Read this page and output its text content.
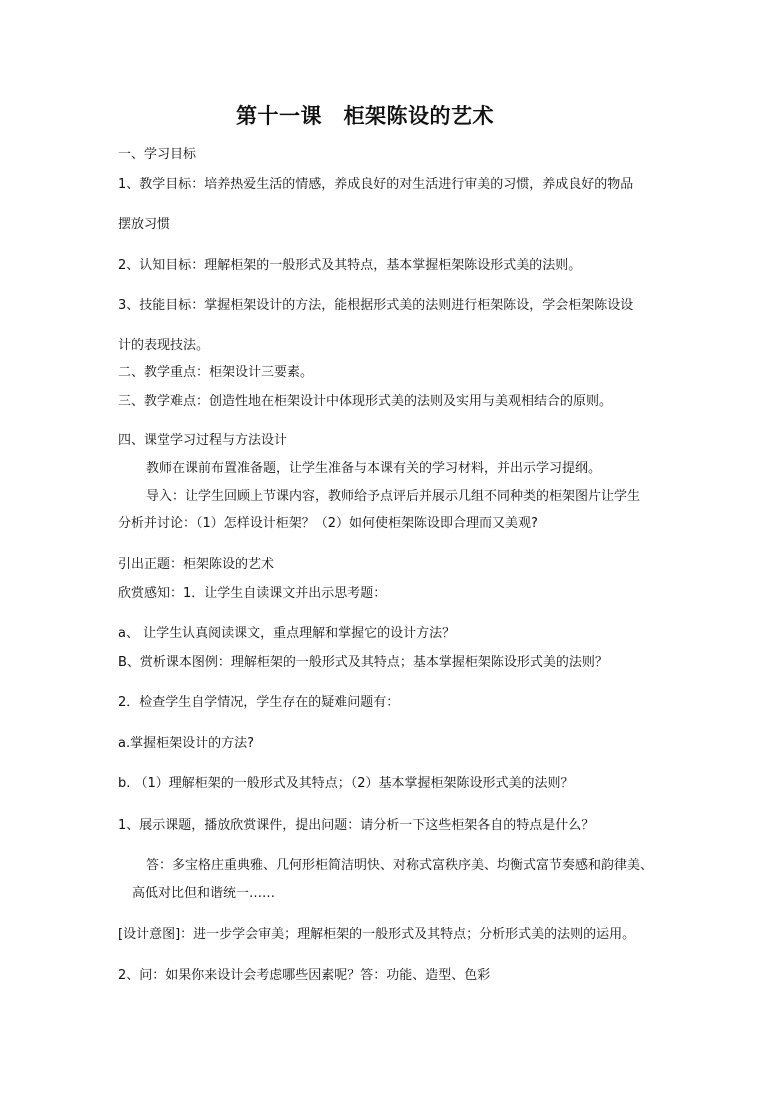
第十一课　柜架陈设的艺术
一、学习目标
1、教学目标：培养热爱生活的情感，养成良好的对生活进行审美的习惯，养成良好的物品
摆放习惯
2、认知目标：理解柜架的一般形式及其特点，基本掌握柜架陈设形式美的法则。
3、技能目标：掌握柜架设计的方法，能根据形式美的法则进行柜架陈设，学会柜架陈设设
计的表现技法。
二、教学重点：柜架设计三要素。
三、教学难点：创造性地在柜架设计中体现形式美的法则及实用与美观相结合的原则。
四、课堂学习过程与方法设计
教师在课前布置准备题，让学生准备与本课有关的学习材料，并出示学习提纲。
导入：让学生回顾上节课内容，教师给予点评后并展示几组不同种类的柜架图片让学生
分析并讨论：（1）怎样设计柜架？（2）如何使柜架陈设即合理而又美观?
引出正题：柜架陈设的艺术
欣赏感知：1．让学生自读课文并出示思考题：
a、 让学生认真阅读课文，重点理解和掌握它的设计方法？
B、赏析课本图例：理解柜架的一般形式及其特点；基本掌握柜架陈设形式美的法则？
2．检查学生自学情况，学生存在的疑难问题有：
a.掌握柜架设计的方法?
b. （1）理解柜架的一般形式及其特点；（2）基本掌握柜架陈设形式美的法则？
1、展示课题，播放欣赏课件，提出问题：请分析一下这些柜架各自的特点是什么？
答：多宝格庄重典雅、几何形柜简洁明快、对称式富秩序美、均衡式富节奏感和韵律美、
高低对比但和谐统一……
[设计意图]：进一步学会审美；理解柜架的一般形式及其特点；分析形式美的法则的运用。
2、问：如果你来设计会考虑哪些因素呢？答：功能、造型、色彩
